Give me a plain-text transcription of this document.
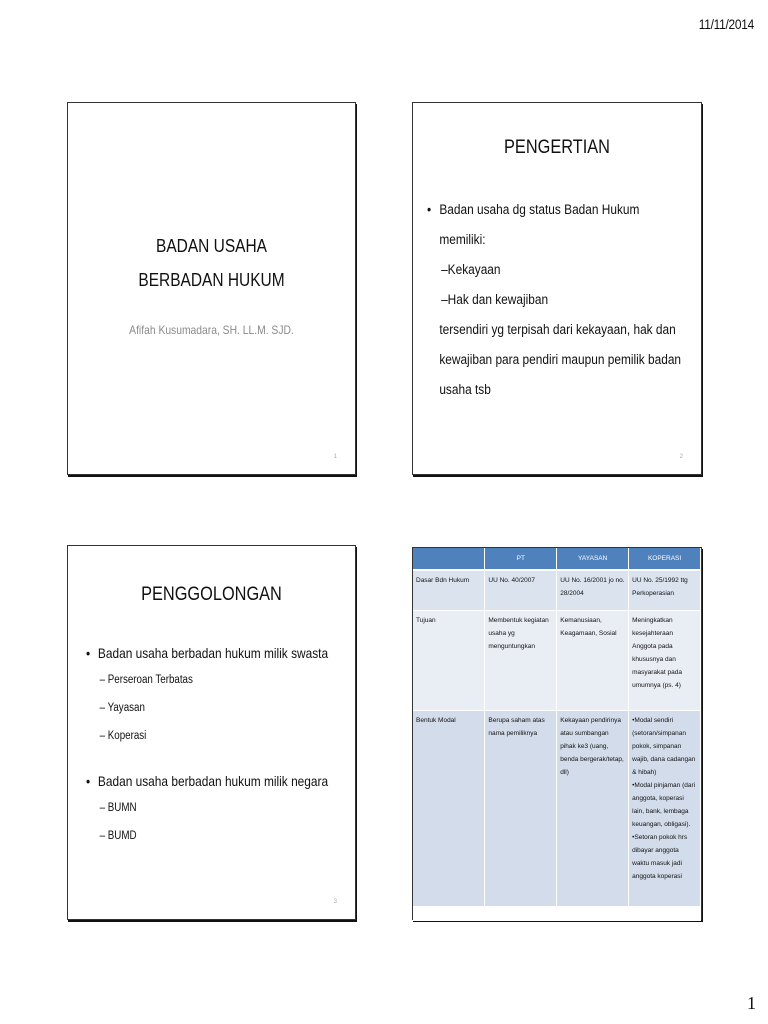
11/11/2014
BADAN USAHA
BERBADAN HUKUM
Afifah Kusumadara, SH. LL.M. SJD.
1
PENGERTIAN
• Badan usaha dg status Badan Hukum
memiliki:
–Kekayaan
–Hak dan kewajiban
tersendiri yg terpisah dari kekayaan, hak dan
kewajiban para pendiri maupun pemilik badan
usaha tsb
2
PENGGOLONGAN
• Badan usaha berbadan hukum milik swasta
– Perseroan Terbatas
– Yayasan
– Koperasi
• Badan usaha berbadan hukum milik negara
– BUMN
– BUMD
3
	PT	YAYASAN	KOPERASI
Dasar Bdn Hukum	UU No. 40/2007	UU No. 16/2001 jo no. 28/2004	UU No. 25/1992 ttg Perkoperasian
Tujuan	Membentuk kegiatan usaha yg menguntungkan	Kemanusiaan, Keagamaan, Sosial	Meningkatkan kesejahteraan Anggota pada khususnya dan masyarakat pada umumnya (ps. 4)
Bentuk Modal	Berupa saham atas nama pemiliknya	Kekayaan pendirinya atau sumbangan pihak ke3 (uang, benda bergerak/tetap, dll)	•Modal sendiri (setoran/simpanan pokok, simpanan wajib, dana cadangan & hibah)
•Modal pinjaman (dari anggota, koperasi lain, bank, lembaga keuangan, obligasi).
•Setoran pokok hrs dibayar anggota waktu masuk jadi anggota koperasi

1
